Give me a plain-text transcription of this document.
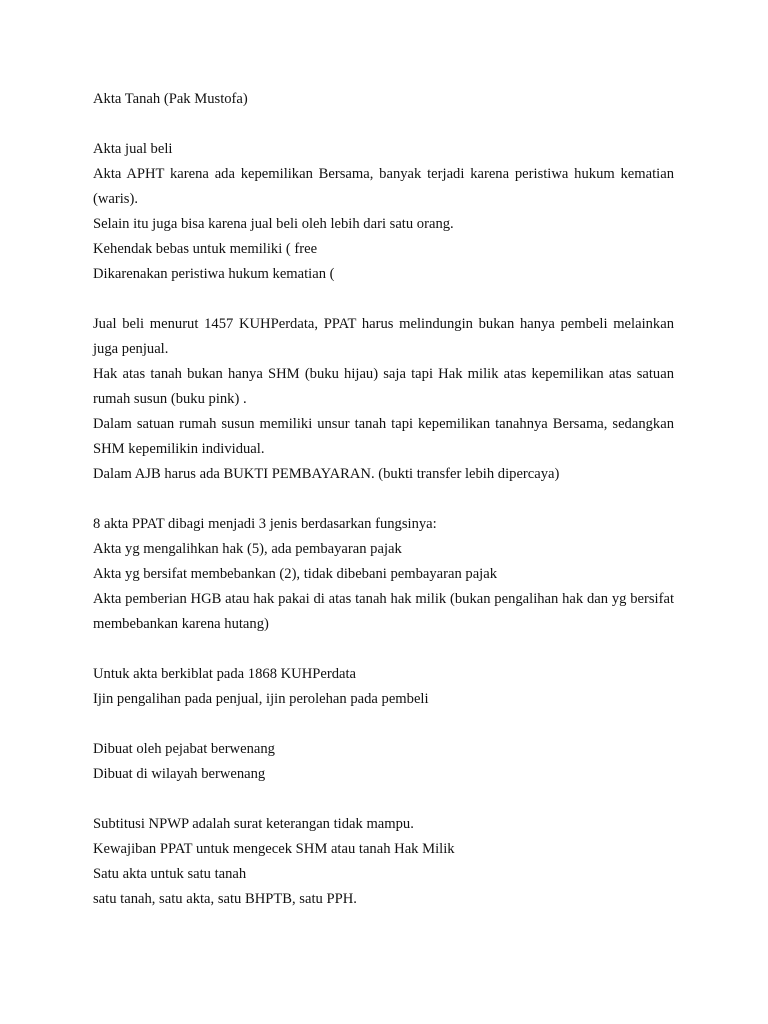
Akta Tanah (Pak Mustofa)

Akta jual beli

Akta APHT karena ada kepemilikan Bersama, banyak terjadi karena peristiwa hukum kematian (waris).

Selain itu juga bisa karena jual beli oleh lebih dari satu orang.

Kehendak bebas untuk memiliki ( free

Dikarenakan peristiwa hukum kematian (

Jual beli menurut 1457 KUHPerdata, PPAT harus melindungin bukan hanya pembeli melainkan juga penjual.

Hak atas tanah bukan hanya SHM (buku hijau) saja tapi Hak milik atas kepemilikan atas satuan rumah susun (buku pink) .

Dalam satuan rumah susun memiliki unsur tanah tapi kepemilikan tanahnya Bersama, sedangkan SHM kepemilikin individual.

Dalam AJB harus ada BUKTI PEMBAYARAN. (bukti transfer lebih dipercaya)

8 akta PPAT dibagi menjadi 3 jenis berdasarkan fungsinya:

Akta yg mengalihkan hak (5), ada pembayaran pajak

Akta yg bersifat membebankan (2), tidak dibebani pembayaran pajak

Akta pemberian HGB atau hak pakai di atas tanah hak milik (bukan pengalihan hak dan yg bersifat membebankan karena hutang)

Untuk akta berkiblat pada 1868 KUHPerdata

Ijin pengalihan pada penjual, ijin perolehan pada pembeli

Dibuat oleh pejabat berwenang

Dibuat di wilayah berwenang

Subtitusi NPWP adalah surat keterangan tidak mampu.

Kewajiban PPAT untuk mengecek SHM atau tanah Hak Milik

Satu akta untuk satu tanah

satu tanah, satu akta, satu BHPTB, satu PPH.
